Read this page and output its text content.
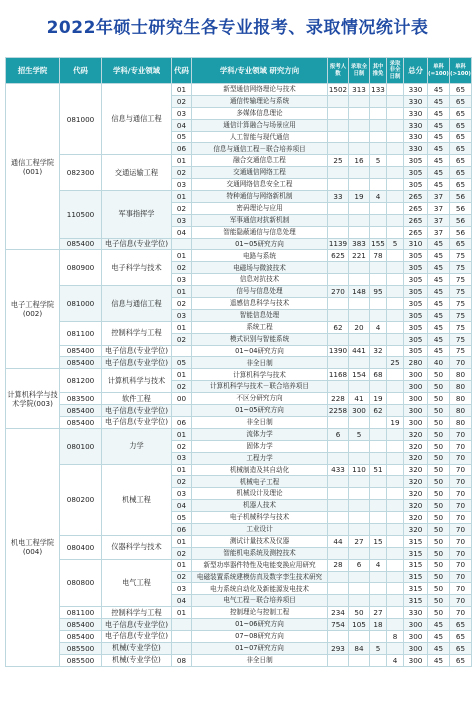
2022年硕士研究生各专业报考、录取情况统计表
招生学院	代码	学科/专业领域	代码	学科/专业领域 研究方向	报考人数	录取全日制	其中推免	录取非全日制	总分	单科(=100)	单科(>100)
通信工程学院(001)	081000	信息与通信工程	01	新型通信网络理论与技术	1502	313	133		330	45	65
			02	通信传输理论与系统					330	45	65
			03	多媒体信息理论					330	45	65
			04	通信计算融合与场景应用					330	45	65
			05	人工智能与现代通信					330	45	65
			06	信息与通信工程－联合培养项目					330	45	65
	082300	交通运输工程	01	融合交通信息工程	25	16	5		305	45	65
			02	交通通信网络工程					305	45	65
			03	交通网络信息安全工程					305	45	65
	110500	军事指挥学	01	特种通信与网络新机制	33	19	4		265	37	56
			02	密码理论与应用					265	37	56
			03	军事通信对抗新机制					265	37	56
			04	智能隐蔽通信与信息处理					265	37	56
	085400	电子信息(专业学位)		01~05研究方向	1139	383	155	5	310	45	65
电子工程学院(002)	080900	电子科学与技术	01	电路与系统	625	221	78		305	45	75
			02	电磁场与微波技术					305	45	75
			03	信息对抗技术					305	45	75
	081000	信息与通信工程	01	信号与信息处理	270	148	95		305	45	75
			02	遥感信息科学与技术					305	45	75
			03	智能信息处理					305	45	75
	081100	控制科学与工程	01	系统工程	62	20	4		305	45	75
			02	模式识别与智能系统					305	45	75
	085400	电子信息(专业学位)		01~04研究方向	1390	441	32		305	45	75
	085400	电子信息(专业学位)	05	非全日制				25	280	40	70
计算机科学与技术学院(003)	081200	计算机科学与技术	01	计算机科学与技术	1168	154	68		300	50	80
			02	计算机科学与技术－联合培养项目					300	50	80
	083500	软件工程	00	不区分研究方向	228	41	19		300	50	80
	085400	电子信息(专业学位)		01~05研究方向	2258	300	62		300	50	80
	085400	电子信息(专业学位)	06	非全日制				19	300	50	80
机电工程学院(004)	080100	力学	01	流体力学	6	5			320	50	70
			02	固体力学					320	50	70
			03	工程力学					320	50	70
	080200	机械工程	01	机械制造及其自动化	433	110	51		320	50	70
			02	机械电子工程					320	50	70
			03	机械设计及理论					320	50	70
			04	机器人技术					320	50	70
			05	电子机械科学与技术					320	50	70
			06	工业设计					320	50	70
	080400	仪器科学与技术	01	测试计量技术及仪器	44	27	15		315	50	70
			02	智能机电系统及测控技术					315	50	70
	080800	电气工程	01	新型功率器件特性及电能变换应用研究	28	6	4		315	50	70
			02	电磁装置系统建模仿真及数字孪生技术研究					315	50	70
			03	电力系统自动化及新能源发电技术					315	50	70
			04	电气工程－联合培养项目					315	50	70
	081100	控制科学与工程	01	控制理论与控制工程	234	50	27		330	50	70
	085400	电子信息(专业学位)		01~06研究方向	754	105	18		300	45	65
	085400	电子信息(专业学位)		07~08研究方向				8	300	45	65
	085500	机械(专业学位)		01~07研究方向	293	84	5		300	45	65
	085500	机械(专业学位)	08	非全日制				4	300	45	65
